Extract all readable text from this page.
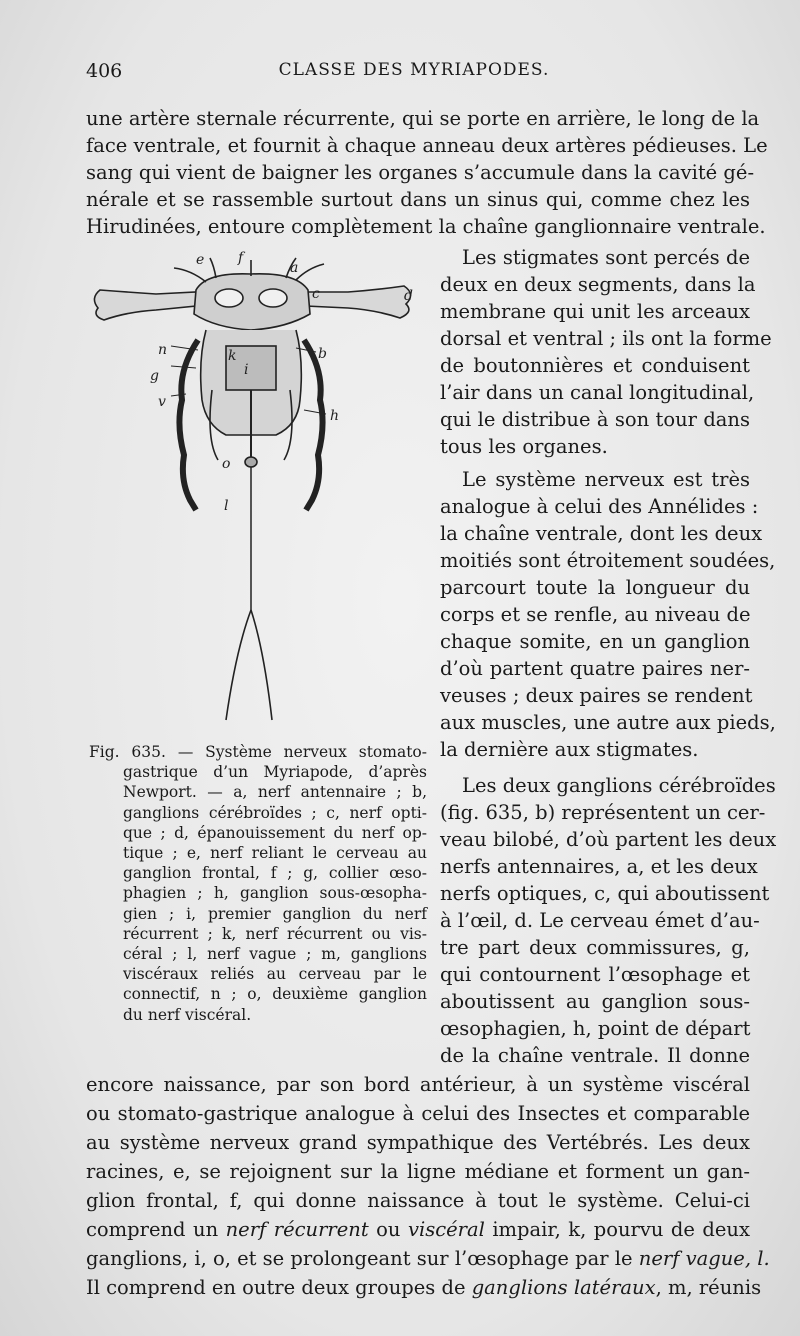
406	CLASSE DES MYRIAPODES.
une artère sternale récurrente, qui se porte en arrière, le long de la
face ventrale, et fournit à chaque anneau deux artères pédieuses. Le
sang qui vient de baigner les organes s’accumule dans la cavité gé-
nérale et se rassemble surtout dans un sinus qui, comme chez les
Hirudinées, entoure complètement la chaîne ganglionnaire ventrale.
e f
a
c	d
n	k
i
b
g
v
h
o
l
Fig. 635. — Système nerveux stomato-
gastrique d’un Myriapode, d’après
Newport. — a, nerf antennaire ; b,
ganglions cérébroïdes ; c, nerf opti-
que ; d, épanouissement du nerf op-
tique ; e, nerf reliant le cerveau au
ganglion frontal, f ; g, collier œso-
phagien ; h, ganglion sous-œsopha-
gien ; i, premier ganglion du nerf
récurrent ; k, nerf récurrent ou vis-
céral ; l, nerf vague ; m, ganglions
viscéraux reliés au cerveau par le
connectif, n ; o, deuxième ganglion
du nerf viscéral.
Les stigmates sont percés de
deux en deux segments, dans la
membrane qui unit les arceaux
dorsal et ventral ; ils ont la forme
de boutonnières et conduisent
l’air dans un canal longitudinal,
qui le distribue à son tour dans
tous les organes.
Le système nerveux est très
analogue à celui des Annélides :
la chaîne ventrale, dont les deux
moitiés sont étroitement soudées,
parcourt toute la longueur du
corps et se renfle, au niveau de
chaque somite, en un ganglion
d’où partent quatre paires ner-
veuses ; deux paires se rendent
aux muscles, une autre aux pieds,
la dernière aux stigmates.
Les deux ganglions cérébroïdes
(fig. 635, b) représentent un cer-
veau bilobé, d’où partent les deux
nerfs antennaires, a, et les deux
nerfs optiques, c, qui aboutissent
à l’œil, d. Le cerveau émet d’au-
tre part deux commissures, g,
qui contournent l’œsophage et
aboutissent au ganglion sous-
œsophagien, h, point de départ
de la chaîne ventrale. Il donne
encore naissance, par son bord antérieur, à un système viscéral
ou stomato-gastrique analogue à celui des Insectes et comparable
au système nerveux grand sympathique des Vertébrés. Les deux
racines, e, se rejoignent sur la ligne médiane et forment un gan-
glion frontal, f, qui donne naissance à tout le système. Celui-ci
comprend un nerf récurrent ou viscéral impair, k, pourvu de deux
ganglions, i, o, et se prolongeant sur l’œsophage par le nerf vague, l.
Il comprend en outre deux groupes de ganglions latéraux, m, réunis
